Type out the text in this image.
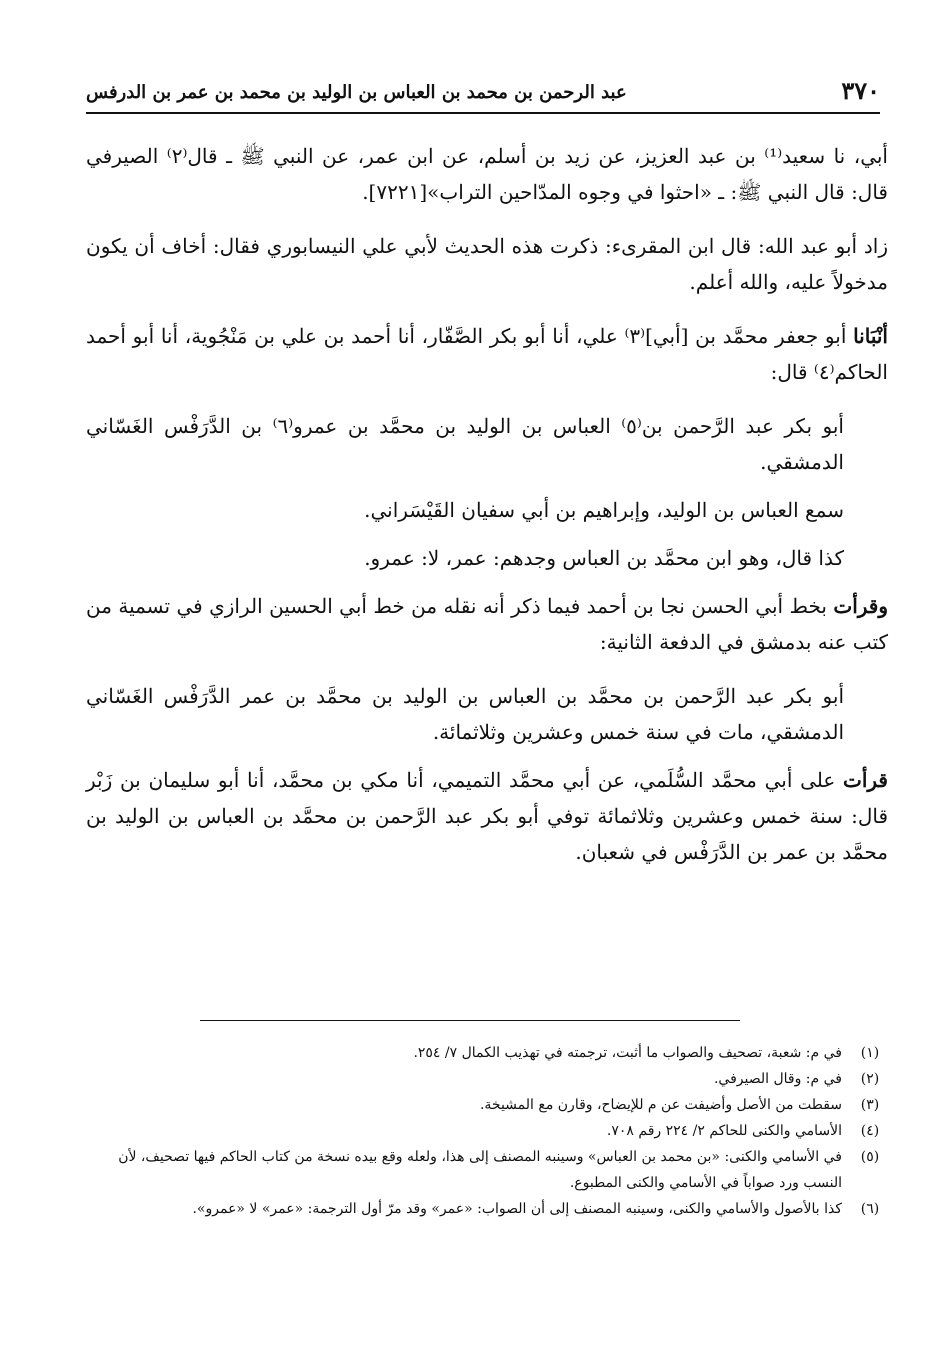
٣٧٠
عبد الرحمن بن محمد بن العباس بن الوليد بن محمد بن عمر بن الدرفس

أبي، نا سعيد⁽¹⁾ بن عبد العزيز، عن زيد بن أسلم، عن ابن عمر، عن النبي ﷺ ـ قال⁽٢⁾ الصيرفي قال: قال النبي ﷺ: ـ «احثوا في وجوه المدّاحين التراب»[٧٢٢١].

زاد أبو عبد الله: قال ابن المقرىء: ذكرت هذه الحديث لأبي علي النيسابوري فقال: أخاف أن يكون مدخولاً عليه، والله أعلم.

أنْبَانا أبو جعفر محمَّد بن [أبي]⁽٣⁾ علي، أنا أبو بكر الصَّفّار، أنا أحمد بن علي بن مَنْجُوية، أنا أبو أحمد الحاكم⁽٤⁾ قال:

أبو بكر عبد الرَّحمن بن⁽٥⁾ العباس بن الوليد بن محمَّد بن عمرو⁽٦⁾ بن الدَّرَفْس الغَسّاني الدمشقي.

سمع العباس بن الوليد، وإبراهيم بن أبي سفيان القَيْسَراني.

كذا قال، وهو ابن محمَّد بن العباس وجدهم: عمر، لا: عمرو.

وقرأت بخط أبي الحسن نجا بن أحمد فيما ذكر أنه نقله من خط أبي الحسين الرازي في تسمية من كتب عنه بدمشق في الدفعة الثانية:

أبو بكر عبد الرَّحمن بن محمَّد بن العباس بن الوليد بن محمَّد بن عمر الدَّرَفْس الغَسّاني الدمشقي، مات في سنة خمس وعشرين وثلاثمائة.

قرأت على أبي محمَّد السُّلَمي، عن أبي محمَّد التميمي، أنا مكي بن محمَّد، أنا أبو سليمان بن زَبْر قال: سنة خمس وعشرين وثلاثمائة توفي أبو بكر عبد الرَّحمن بن محمَّد بن العباس بن الوليد بن محمَّد بن عمر بن الدَّرَفْس في شعبان.

(١)
في م: شعبة، تصحيف والصواب ما أثبت، ترجمته في تهذيب الكمال ٧/ ٢٥٤.

(٢)
في م: وقال الصيرفي.

(٣)
سقطت من الأصل وأضيفت عن م للإيضاح، وقارن مع المشيخة.

(٤)
الأسامي والكنى للحاكم ٢/ ٢٢٤ رقم ٧٠٨.

(٥)
في الأسامي والكنى: «بن محمد بن العباس» وسينبه المصنف إلى هذا، ولعله وقع بيده نسخة من كتاب الحاكم فيها تصحيف، لأن النسب ورد صواباً في الأسامي والكنى المطبوع.

(٦)
كذا بالأصول والأسامي والكنى، وسينبه المصنف إلى أن الصواب: «عمر» وقد مرّ أول الترجمة: «عمر» لا «عمرو».
